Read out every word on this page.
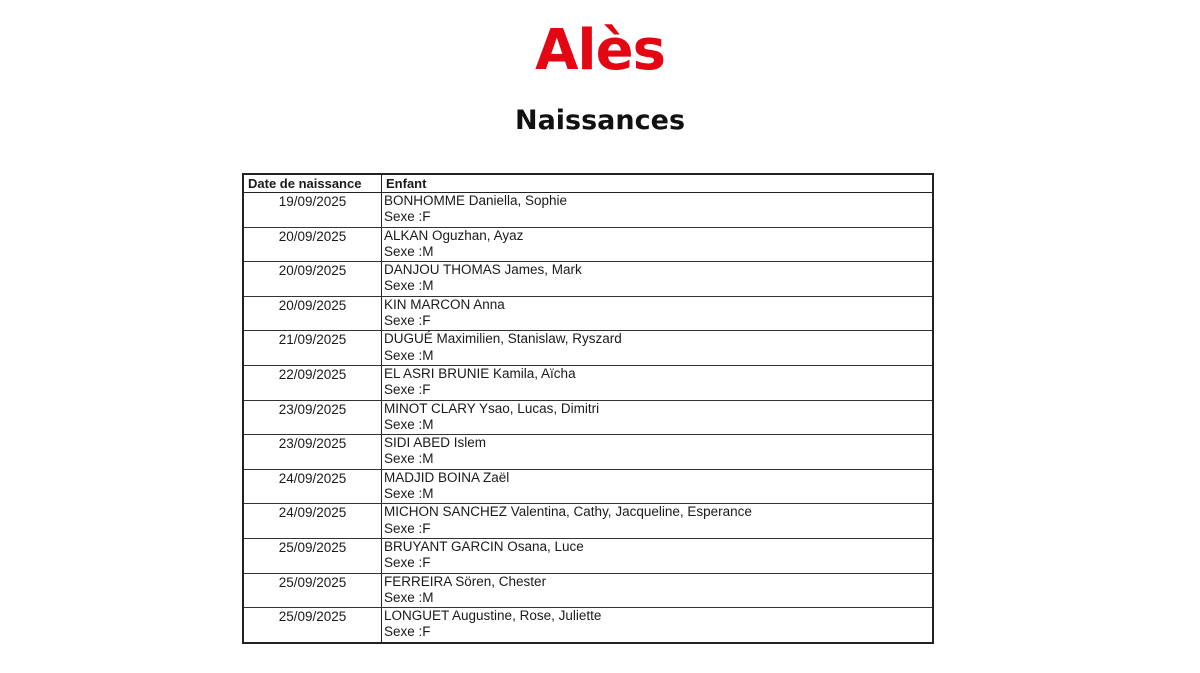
Alès
Naissances
Date de naissance	Enfant
19/09/2025	BONHOMME Daniella, Sophie
Sexe :F

20/09/2025	ALKAN Oguzhan, Ayaz
Sexe :M

20/09/2025	DANJOU THOMAS James, Mark
Sexe :M

20/09/2025	KIN MARCON Anna
Sexe :F

21/09/2025	DUGUÉ Maximilien, Stanislaw, Ryszard
Sexe :M

22/09/2025	EL ASRI BRUNIE Kamila, Aïcha
Sexe :F

23/09/2025	MINOT CLARY Ysao, Lucas, Dimitri
Sexe :M

23/09/2025	SIDI ABED Islem
Sexe :M

24/09/2025	MADJID BOINA Zaël
Sexe :M

24/09/2025	MICHON SANCHEZ Valentina, Cathy, Jacqueline, Esperance
Sexe :F

25/09/2025	BRUYANT GARCIN Osana, Luce
Sexe :F

25/09/2025	FERREIRA Sören, Chester
Sexe :M

25/09/2025	LONGUET Augustine, Rose, Juliette
Sexe :F
